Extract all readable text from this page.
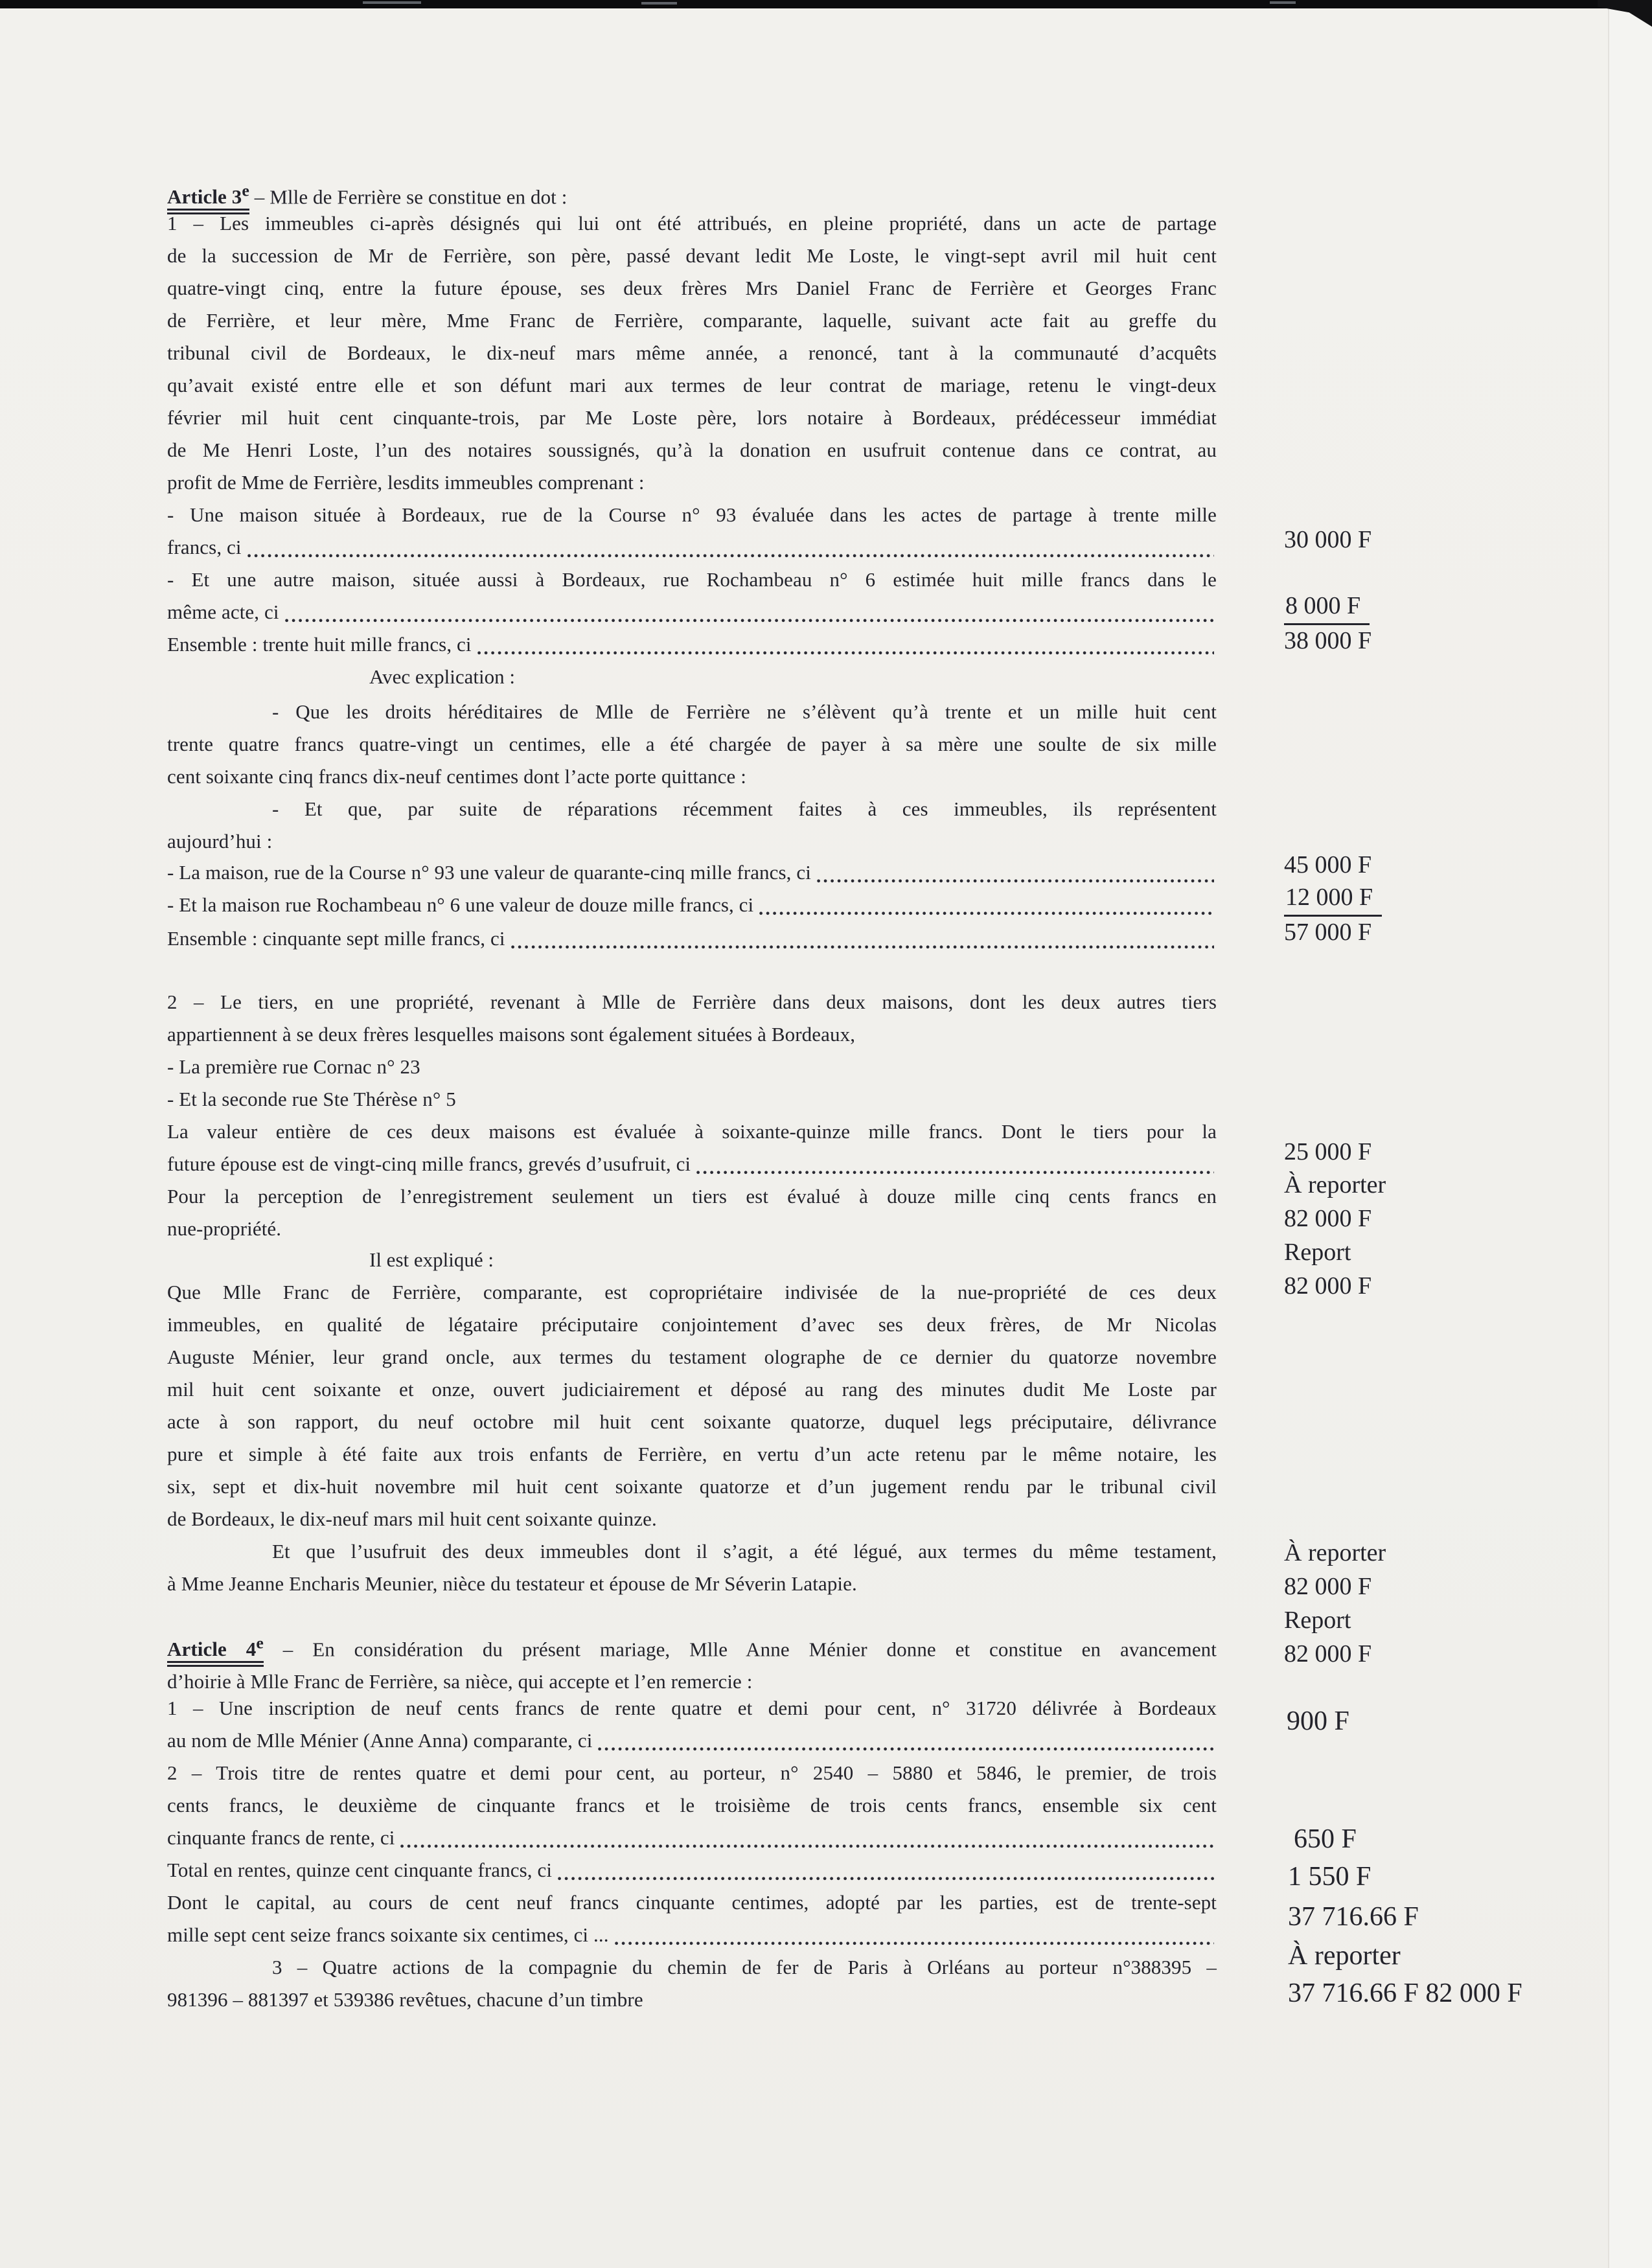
Article 3e – Mlle de Ferrière se constitue en dot :
1 – Les immeubles ci-après désignés qui lui ont été attribués, en pleine propriété, dans un acte de partage
de la succession de Mr de Ferrière, son père, passé devant ledit Me Loste, le vingt-sept avril mil huit cent
quatre-vingt cinq, entre la future épouse, ses deux frères Mrs Daniel Franc de Ferrière et Georges Franc
de Ferrière, et leur mère, Mme Franc de Ferrière, comparante, laquelle, suivant acte fait au greffe du
tribunal civil de Bordeaux, le dix-neuf mars même année, a renoncé, tant à la communauté d’acquêts
qu’avait existé entre elle et son défunt mari aux termes de leur contrat de mariage, retenu le vingt-deux
février mil huit cent cinquante-trois, par Me Loste père, lors notaire à Bordeaux, prédécesseur immédiat
de Me Henri Loste, l’un des notaires soussignés, qu’à la donation en usufruit contenue dans ce contrat, au
profit de Mme de Ferrière, lesdits immeubles comprenant :
- Une maison située à Bordeaux, rue de la Course n° 93 évaluée dans les actes de partage à trente mille
francs, ci
- Et une autre maison, située aussi à Bordeaux, rue Rochambeau n° 6 estimée huit mille francs dans le
même acte, ci
Ensemble : trente huit mille francs, ci
Avec explication :
- Que les droits héréditaires de Mlle de Ferrière ne s’élèvent qu’à trente et un mille huit cent
trente quatre francs quatre-vingt un centimes, elle a été chargée de payer à sa mère une soulte de six mille
cent soixante cinq francs dix-neuf centimes dont l’acte porte quittance :
- Et que, par suite de réparations récemment faites à ces immeubles, ils représentent
aujourd’hui :
- La maison, rue de la Course n° 93 une valeur de quarante-cinq mille francs, ci
- Et la maison rue Rochambeau n° 6 une valeur de douze mille francs, ci
Ensemble : cinquante sept mille francs, ci
2 – Le tiers, en une propriété, revenant à Mlle de Ferrière dans deux maisons, dont les deux autres tiers
appartiennent à se deux frères lesquelles maisons sont également situées à Bordeaux,
- La première rue Cornac n° 23
- Et la seconde rue Ste Thérèse n° 5
La valeur entière de ces deux maisons est évaluée à soixante-quinze mille francs. Dont le tiers pour la
future épouse est de vingt-cinq mille francs, grevés d’usufruit, ci
Pour la perception de l’enregistrement seulement un tiers est évalué à douze mille cinq cents francs en
nue-propriété.
Il est expliqué :
Que Mlle Franc de Ferrière, comparante, est copropriétaire indivisée de la nue-propriété de ces deux
immeubles, en qualité de légataire préciputaire conjointement d’avec ses deux frères, de Mr Nicolas
Auguste Ménier, leur grand oncle, aux termes du testament olographe de ce dernier du quatorze novembre
mil huit cent soixante et onze, ouvert judiciairement et déposé au rang des minutes dudit Me Loste par
acte à son rapport, du neuf octobre mil huit cent soixante quatorze, duquel legs préciputaire, délivrance
pure et simple à été faite aux trois enfants de Ferrière, en vertu d’un acte retenu par le même notaire, les
six, sept et dix-huit novembre mil huit cent soixante quatorze et d’un jugement rendu par le tribunal civil
de Bordeaux, le dix-neuf mars mil huit cent soixante quinze.
Et que l’usufruit des deux immeubles dont il s’agit, a été légué, aux termes du même testament,
à Mme Jeanne Encharis Meunier, nièce du testateur et épouse de Mr Séverin Latapie.
Article 4e – En considération du présent mariage, Mlle Anne Ménier donne et constitue en avancement
d’hoirie à Mlle Franc de Ferrière, sa nièce, qui accepte et l’en remercie :
1 – Une inscription de neuf cents francs de rente quatre et demi pour cent, n° 31720 délivrée à Bordeaux
au nom de Mlle Ménier (Anne Anna) comparante, ci
2 – Trois titre de rentes quatre et demi pour cent, au porteur, n° 2540 – 5880 et 5846, le premier, de trois
cents francs, le deuxième de cinquante francs et le troisième de trois cents francs, ensemble six cent
cinquante francs de rente, ci
Total en rentes, quinze cent cinquante francs, ci
Dont le capital, au cours de cent neuf francs cinquante centimes, adopté par les parties, est de trente-sept
mille sept cent seize francs soixante six centimes, ci ...
3 – Quatre actions de la compagnie du chemin de fer de Paris à Orléans au porteur n°388395 –
981396 – 881397 et 539386 revêtues, chacune d’un timbre
30 000 F
8 000 F
38 000 F
45 000 F
12 000 F
57 000 F
25 000 F
À reporter
82 000 F
Report
82 000 F
À reporter
82 000 F
Report
82 000 F
900 F
650 F
1 550 F
37 716.66 F
À reporter
37 716.66 F 82 000 F
